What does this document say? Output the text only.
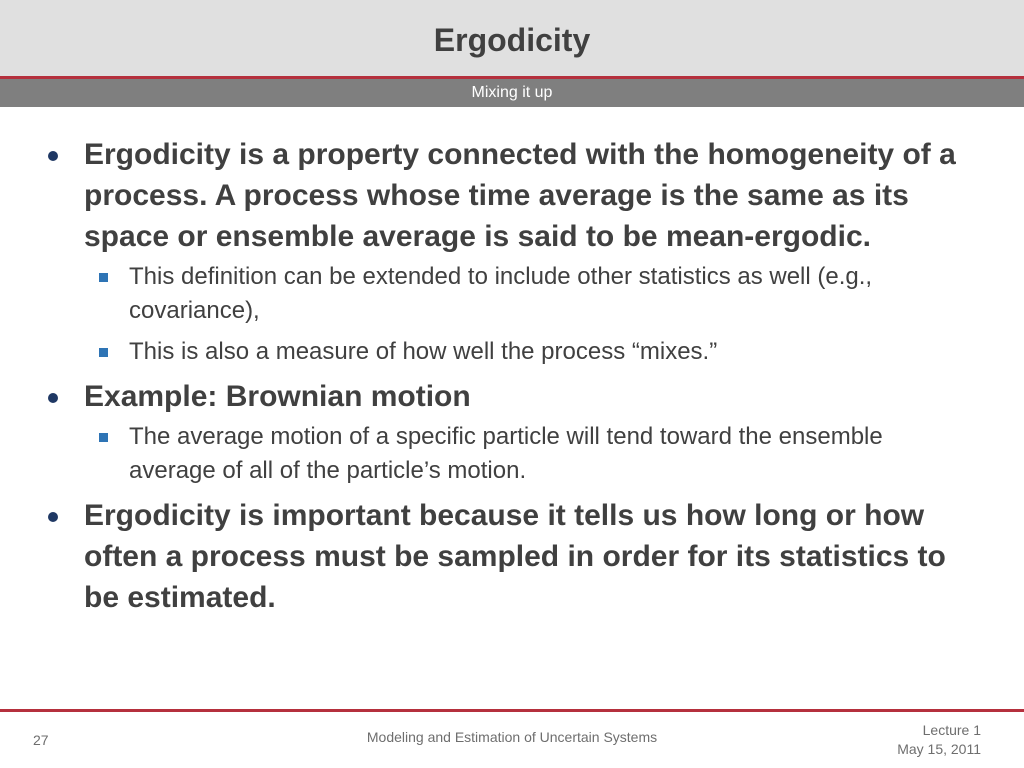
Ergodicity
Mixing it up
Ergodicity is a property connected with the homogeneity of a process. A process whose time average is the same as its space or ensemble average is said to be mean-ergodic.
This definition can be extended to include other statistics as well (e.g., covariance),
This is also a measure of how well the process “mixes.”
Example: Brownian motion
The average motion of a specific particle will tend toward the ensemble average of all of the particle’s motion.
Ergodicity is important because it tells us how long or how often a process must be sampled in order for its statistics to be estimated.
27	Modeling and Estimation of Uncertain Systems	Lecture 1
May 15, 2011
